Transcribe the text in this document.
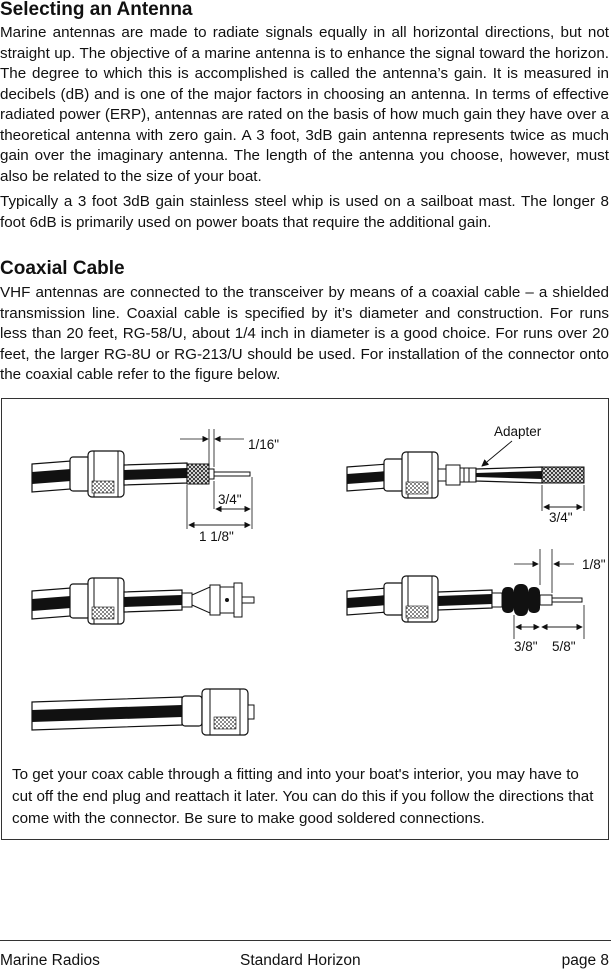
Selecting an Antenna

Marine antennas are made to radiate signals equally in all horizontal directions, but not straight up. The objective of a marine antenna is to enhance the signal toward the horizon. The degree to which this is accomplished is called the antenna’s gain. It is measured in decibels (dB) and is one of the major factors in choosing an antenna. In terms of effective radiated power (ERP), antennas are rated on the basis of how much gain they have over a theoretical antenna with zero gain. A 3 foot, 3dB gain antenna represents twice as much gain over the imaginary antenna. The length of the antenna you choose, however, must also be related to the size of your boat.

Typically a 3 foot 3dB gain stainless steel whip is used on a sailboat mast. The longer 8 foot 6dB is primarily used on power boats that require the additional gain.

Coaxial Cable

VHF antennas are connected to the transceiver by means of a coaxial cable – a shielded transmission line. Coaxial cable is specified by it’s diameter and construction. For runs less than 20 feet, RG-58/U, about 1/4 inch in diameter is a good choice. For runs over 20 feet, the larger RG-8U or RG-213/U should be used. For installation of the connector onto the coaxial cable refer to the figure below.

1/16"
3/4"
1 1/8"
Adapter
3/4"
1/8"
3/8" 5/8"

To get your coax cable through a fitting and into your boat's interior, you may have to cut off the end plug and reattach it later. You can do this if you follow the directions that come with the connector. Be sure to make good soldered connections.

Marine Radios	Standard Horizon	page 8
